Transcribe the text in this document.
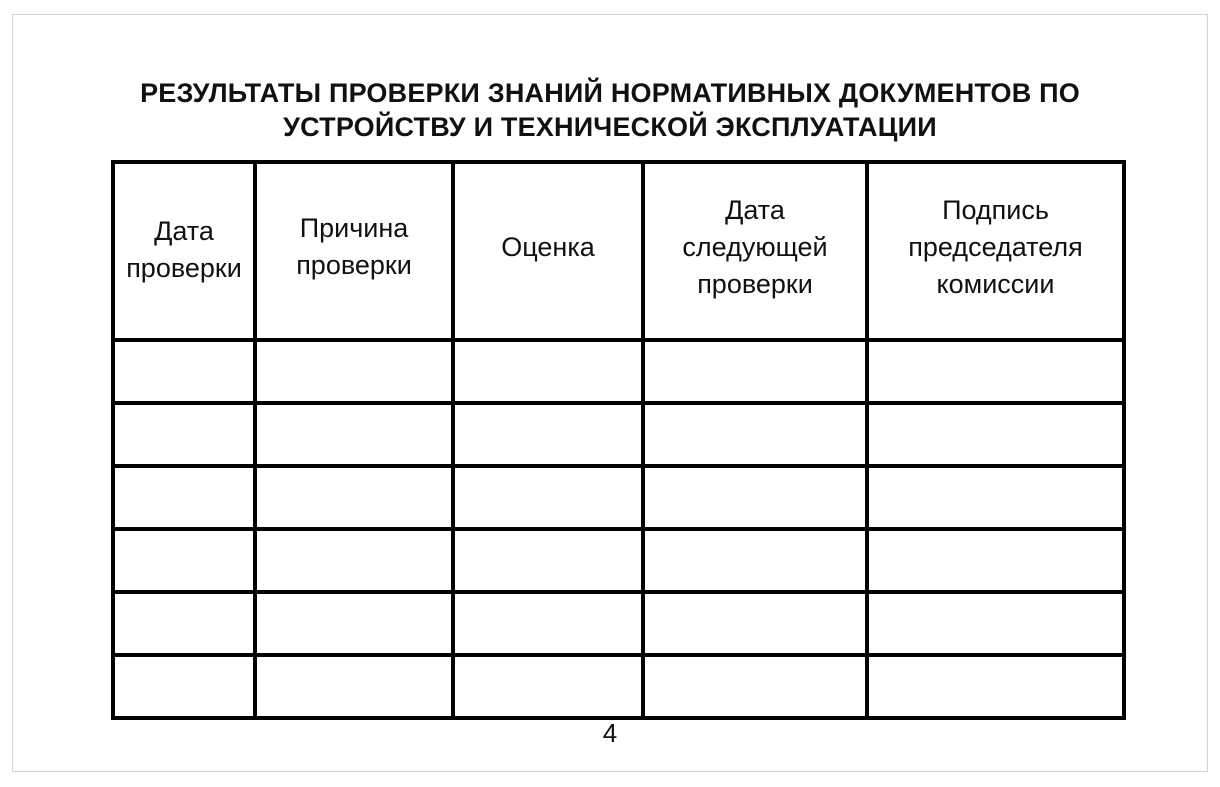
РЕЗУЛЬТАТЫ ПРОВЕРКИ ЗНАНИЙ НОРМАТИВНЫХ ДОКУМЕНТОВ ПО
УСТРОЙСТВУ И ТЕХНИЧЕСКОЙ ЭКСПЛУАТАЦИИ
Дата проверки	Причина проверки	Оценка	Дата следующей проверки	Подпись председателя комиссии

4
